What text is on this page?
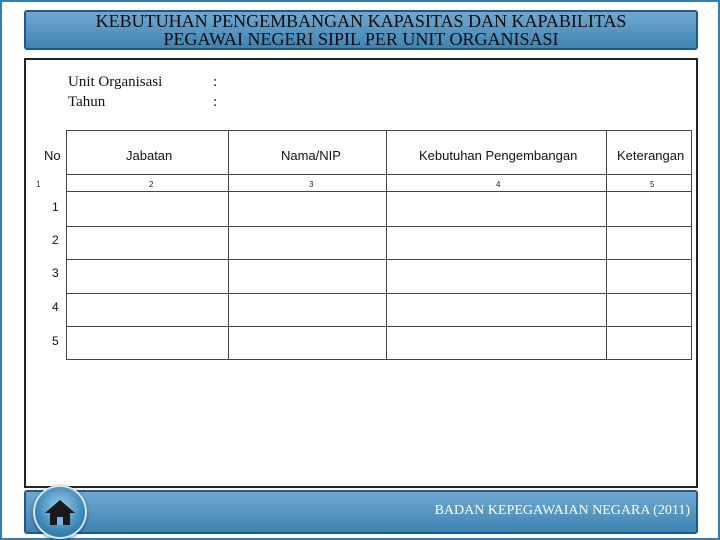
KEBUTUHAN PENGEMBANGAN KAPASITAS DAN KAPABILITAS
PEGAWAI NEGERI SIPIL PER UNIT ORGANISASI
Unit Organisasi	:
Tahun	:
No	Jabatan	Nama/NIP	Kebutuhan Pengembangan	Keterangan
1	2	3	4	5
1
2
3
4
5
BADAN KEPEGAWAIAN NEGARA (2011)
